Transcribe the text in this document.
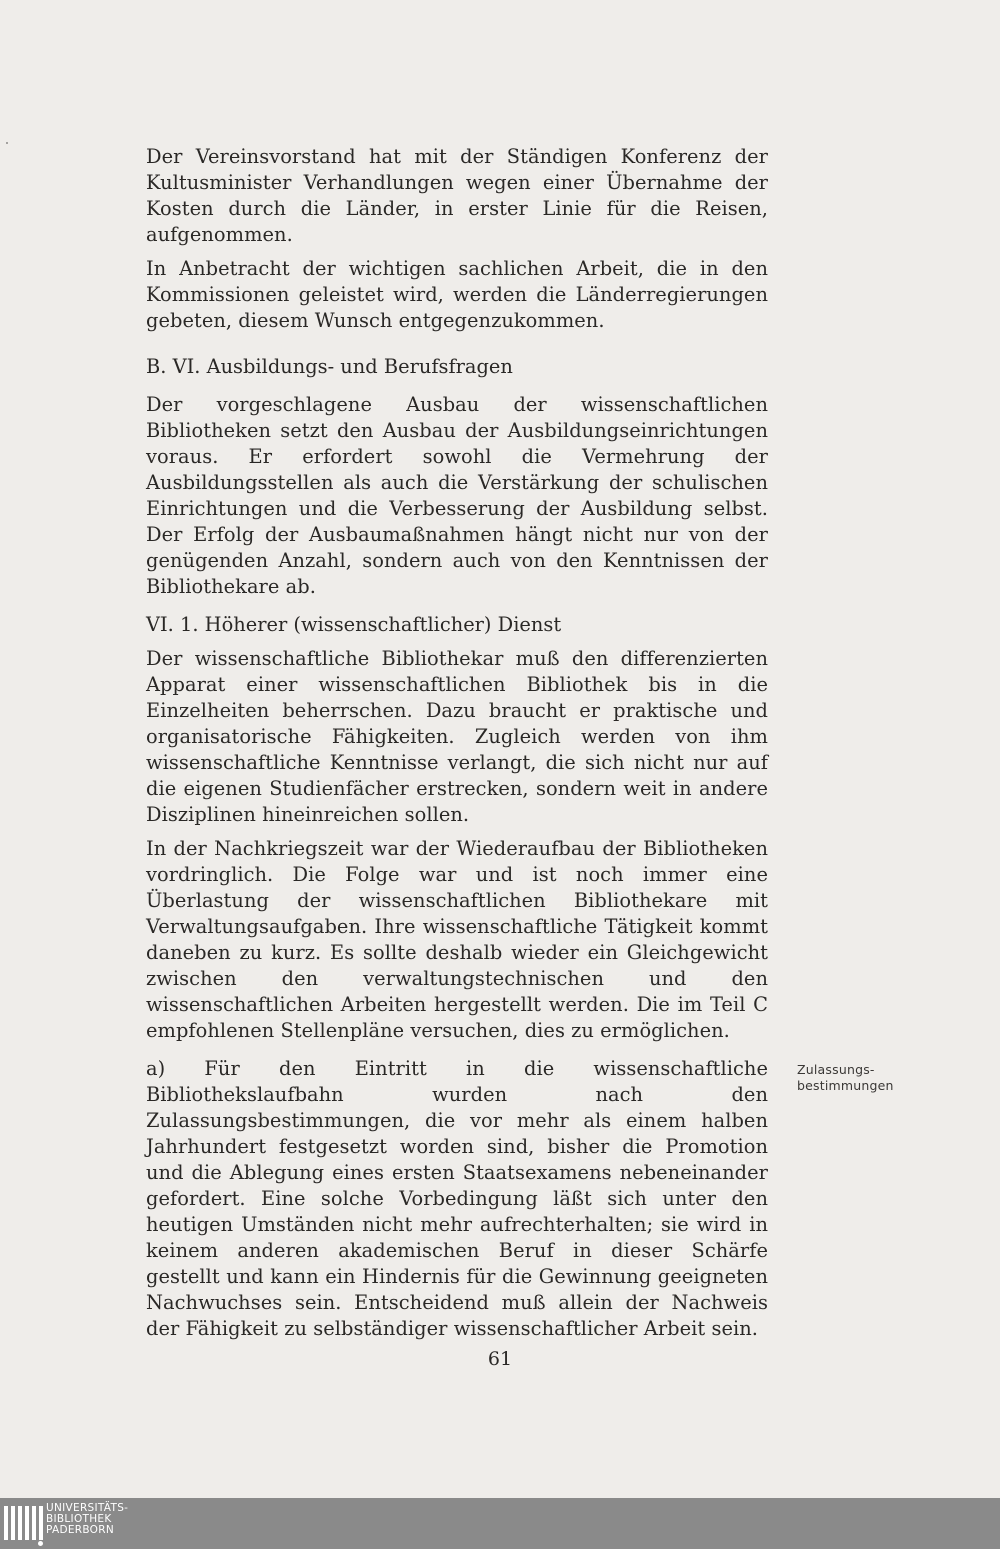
Der Vereinsvorstand hat mit der Ständigen Konferenz der Kultusminister Verhandlungen wegen einer Übernahme der Kosten durch die Länder, in erster Linie für die Reisen, aufgenommen.

In Anbetracht der wichtigen sachlichen Arbeit, die in den Kommissionen geleistet wird, werden die Länderregierungen gebeten, diesem Wunsch entgegenzukommen.

B. VI. Ausbildungs- und Berufsfragen

Der vorgeschlagene Ausbau der wissenschaftlichen Bibliotheken setzt den Ausbau der Ausbildungseinrichtungen voraus. Er erfordert sowohl die Vermehrung der Ausbildungsstellen als auch die Verstärkung der schulischen Einrichtungen und die Verbesserung der Ausbildung selbst. Der Erfolg der Ausbaumaßnahmen hängt nicht nur von der genügenden Anzahl, sondern auch von den Kenntnissen der Bibliothekare ab.

VI. 1. Höherer (wissenschaftlicher) Dienst

Der wissenschaftliche Bibliothekar muß den differenzierten Apparat einer wissenschaftlichen Bibliothek bis in die Einzelheiten beherrschen. Dazu braucht er praktische und organisatorische Fähigkeiten. Zugleich werden von ihm wissenschaftliche Kenntnisse verlangt, die sich nicht nur auf die eigenen Studienfächer erstrecken, sondern weit in andere Disziplinen hineinreichen sollen.

In der Nachkriegszeit war der Wiederaufbau der Bibliotheken vordringlich. Die Folge war und ist noch immer eine Überlastung der wissenschaftlichen Bibliothekare mit Verwaltungsaufgaben. Ihre wissenschaftliche Tätigkeit kommt daneben zu kurz. Es sollte deshalb wieder ein Gleichgewicht zwischen den verwaltungstechnischen und den wissenschaftlichen Arbeiten hergestellt werden. Die im Teil C empfohlenen Stellenpläne versuchen, dies zu ermöglichen.

a) Für den Eintritt in die wissenschaftliche Bibliothekslaufbahn wurden nach den Zulassungsbestimmungen, die vor mehr als einem halben Jahrhundert festgesetzt worden sind, bisher die Promotion und die Ablegung eines ersten Staatsexamens nebeneinander gefordert. Eine solche Vorbedingung läßt sich unter den heutigen Umständen nicht mehr aufrechterhalten; sie wird in keinem anderen akademischen Beruf in dieser Schärfe gestellt und kann ein Hindernis für die Gewinnung geeigneten Nachwuchses sein. Entscheidend muß allein der Nachweis der Fähigkeit zu selbständiger wissenschaftlicher Arbeit sein.

Zulassungs-
bestimmungen
61
UNIVERSITÄTS-
BIBLIOTHEK
PADERBORN
